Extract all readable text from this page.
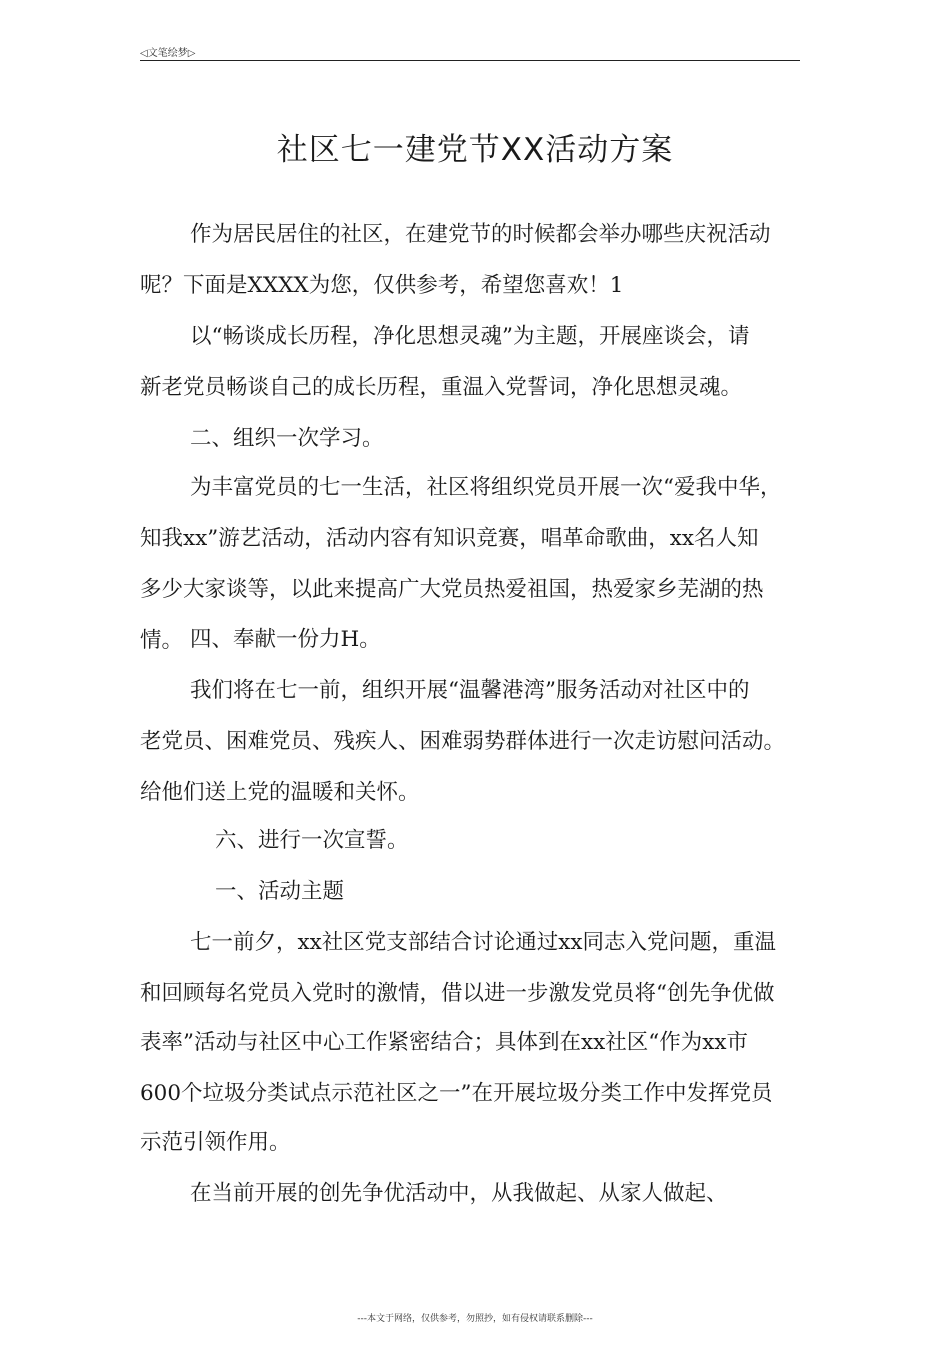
◁文笔绘梦▷
社区七一建党节XX活动方案

作为居民居住的社区，在建党节的时候都会举办哪些庆祝活动

呢？下面是XXXX为您，仅供参考，希望您喜欢！1

以“畅谈成长历程，净化思想灵魂”为主题，开展座谈会，请

新老党员畅谈自己的成长历程，重温入党誓词，净化思想灵魂。

二、组织一次学习。

为丰富党员的七一生活，社区将组织党员开展一次“爱我中华，

知我xx”游艺活动，活动内容有知识竞赛，唱革命歌曲，xx名人知

多少大家谈等，以此来提高广大党员热爱祖国，热爱家乡芜湖的热情。 四、奉献一份力H。

我们将在七一前，组织开展“温馨港湾”服务活动对社区中的

老党员、困难党员、残疾人、困难弱势群体进行一次走访慰问活动。

给他们送上党的温暖和关怀。

六、进行一次宣誓。

一、活动主题

七一前夕，xx社区党支部结合讨论通过xx同志入党问题，重温

和回顾每名党员入党时的激情，借以进一步激发党员将“创先争优做

表率”活动与社区中心工作紧密结合；具体到在xx社区“作为xx市

600个垃圾分类试点示范社区之一”在开展垃圾分类工作中发挥党员

示范引领作用。

在当前开展的创先争优活动中，从我做起、从家人做起、

---本文于网络，仅供参考，勿照抄，如有侵权请联系删除---
